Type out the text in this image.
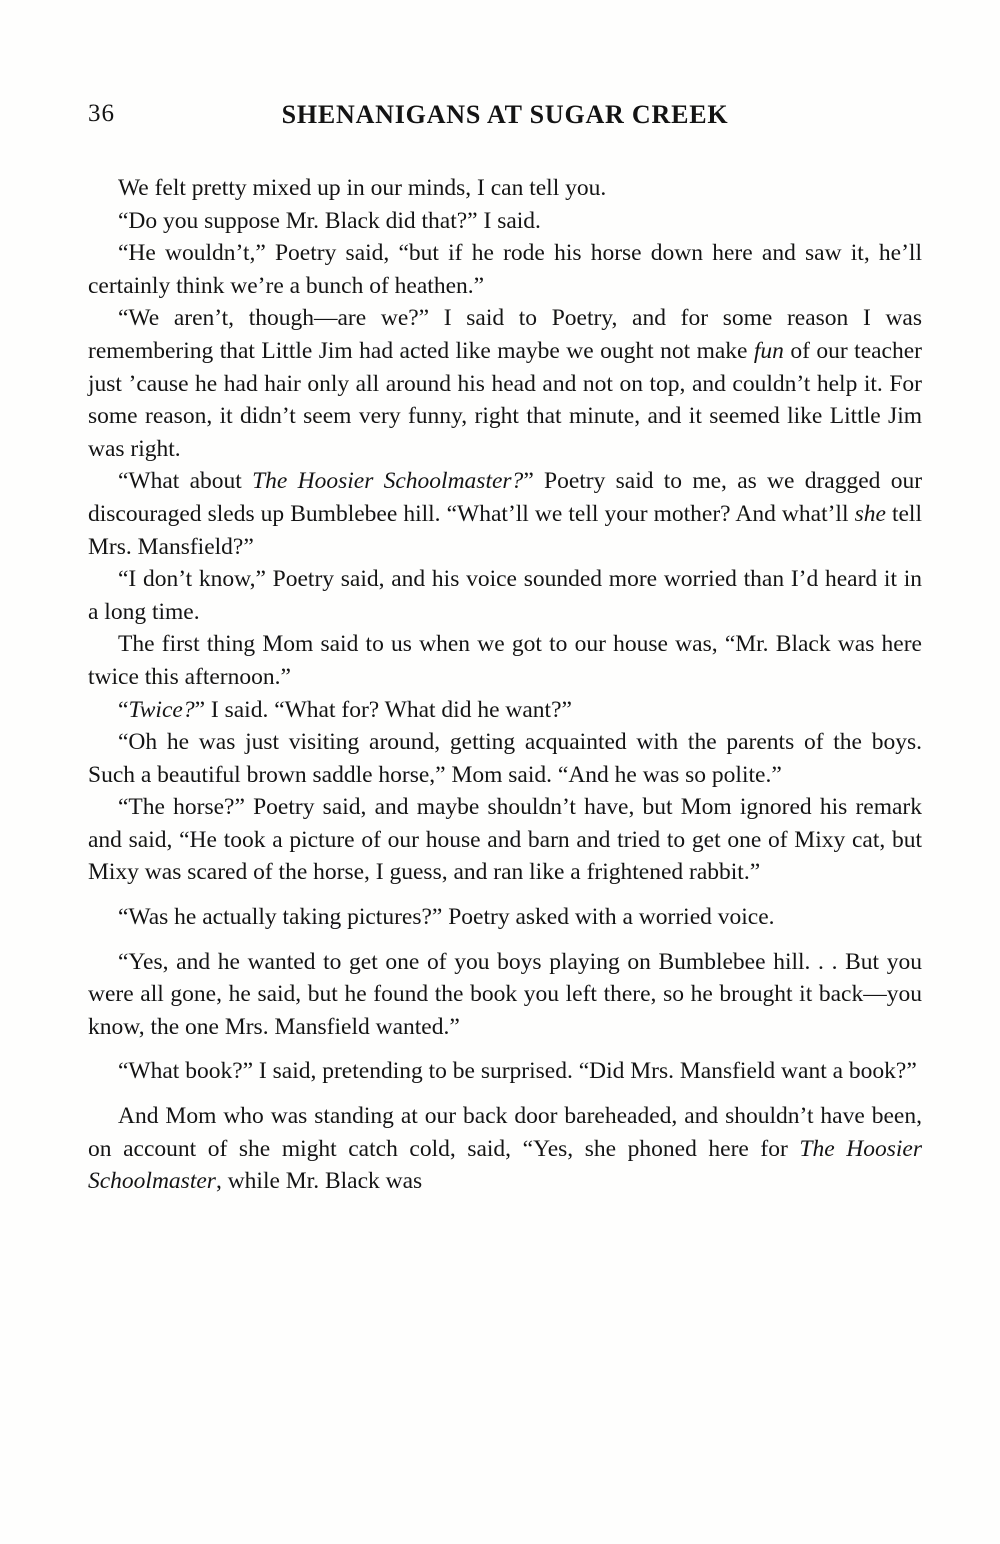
36	SHENANIGANS AT SUGAR CREEK

We felt pretty mixed up in our minds, I can tell you.

“Do you suppose Mr. Black did that?” I said.

“He wouldn’t,” Poetry said, “but if he rode his horse down here and saw it, he’ll certainly think we’re a bunch of heathen.”

“We aren’t, though—are we?” I said to Poetry, and for some reason I was remembering that Little Jim had acted like maybe we ought not make fun of our teacher just ’cause he had hair only all around his head and not on top, and couldn’t help it. For some reason, it didn’t seem very funny, right that minute, and it seemed like Little Jim was right.

“What about The Hoosier Schoolmaster?” Poetry said to me, as we dragged our discouraged sleds up Bumblebee hill. “What’ll we tell your mother? And what’ll she tell Mrs. Mansfield?”

“I don’t know,” Poetry said, and his voice sounded more worried than I’d heard it in a long time.

The first thing Mom said to us when we got to our house was, “Mr. Black was here twice this afternoon.”

“Twice?” I said. “What for? What did he want?”

“Oh he was just visiting around, getting acquainted with the parents of the boys. Such a beautiful brown saddle horse,” Mom said. “And he was so polite.”

“The horse?” Poetry said, and maybe shouldn’t have, but Mom ignored his remark and said, “He took a picture of our house and barn and tried to get one of Mixy cat, but Mixy was scared of the horse, I guess, and ran like a frightened rabbit.”

“Was he actually taking pictures?” Poetry asked with a worried voice.

“Yes, and he wanted to get one of you boys playing on Bumblebee hill. . . But you were all gone, he said, but he found the book you left there, so he brought it back—you know, the one Mrs. Mansfield wanted.”

“What book?” I said, pretending to be surprised. “Did Mrs. Mansfield want a book?”

And Mom who was standing at our back door bareheaded, and shouldn’t have been, on account of she might catch cold, said, “Yes, she phoned here for The Hoosier Schoolmaster, while Mr. Black was
